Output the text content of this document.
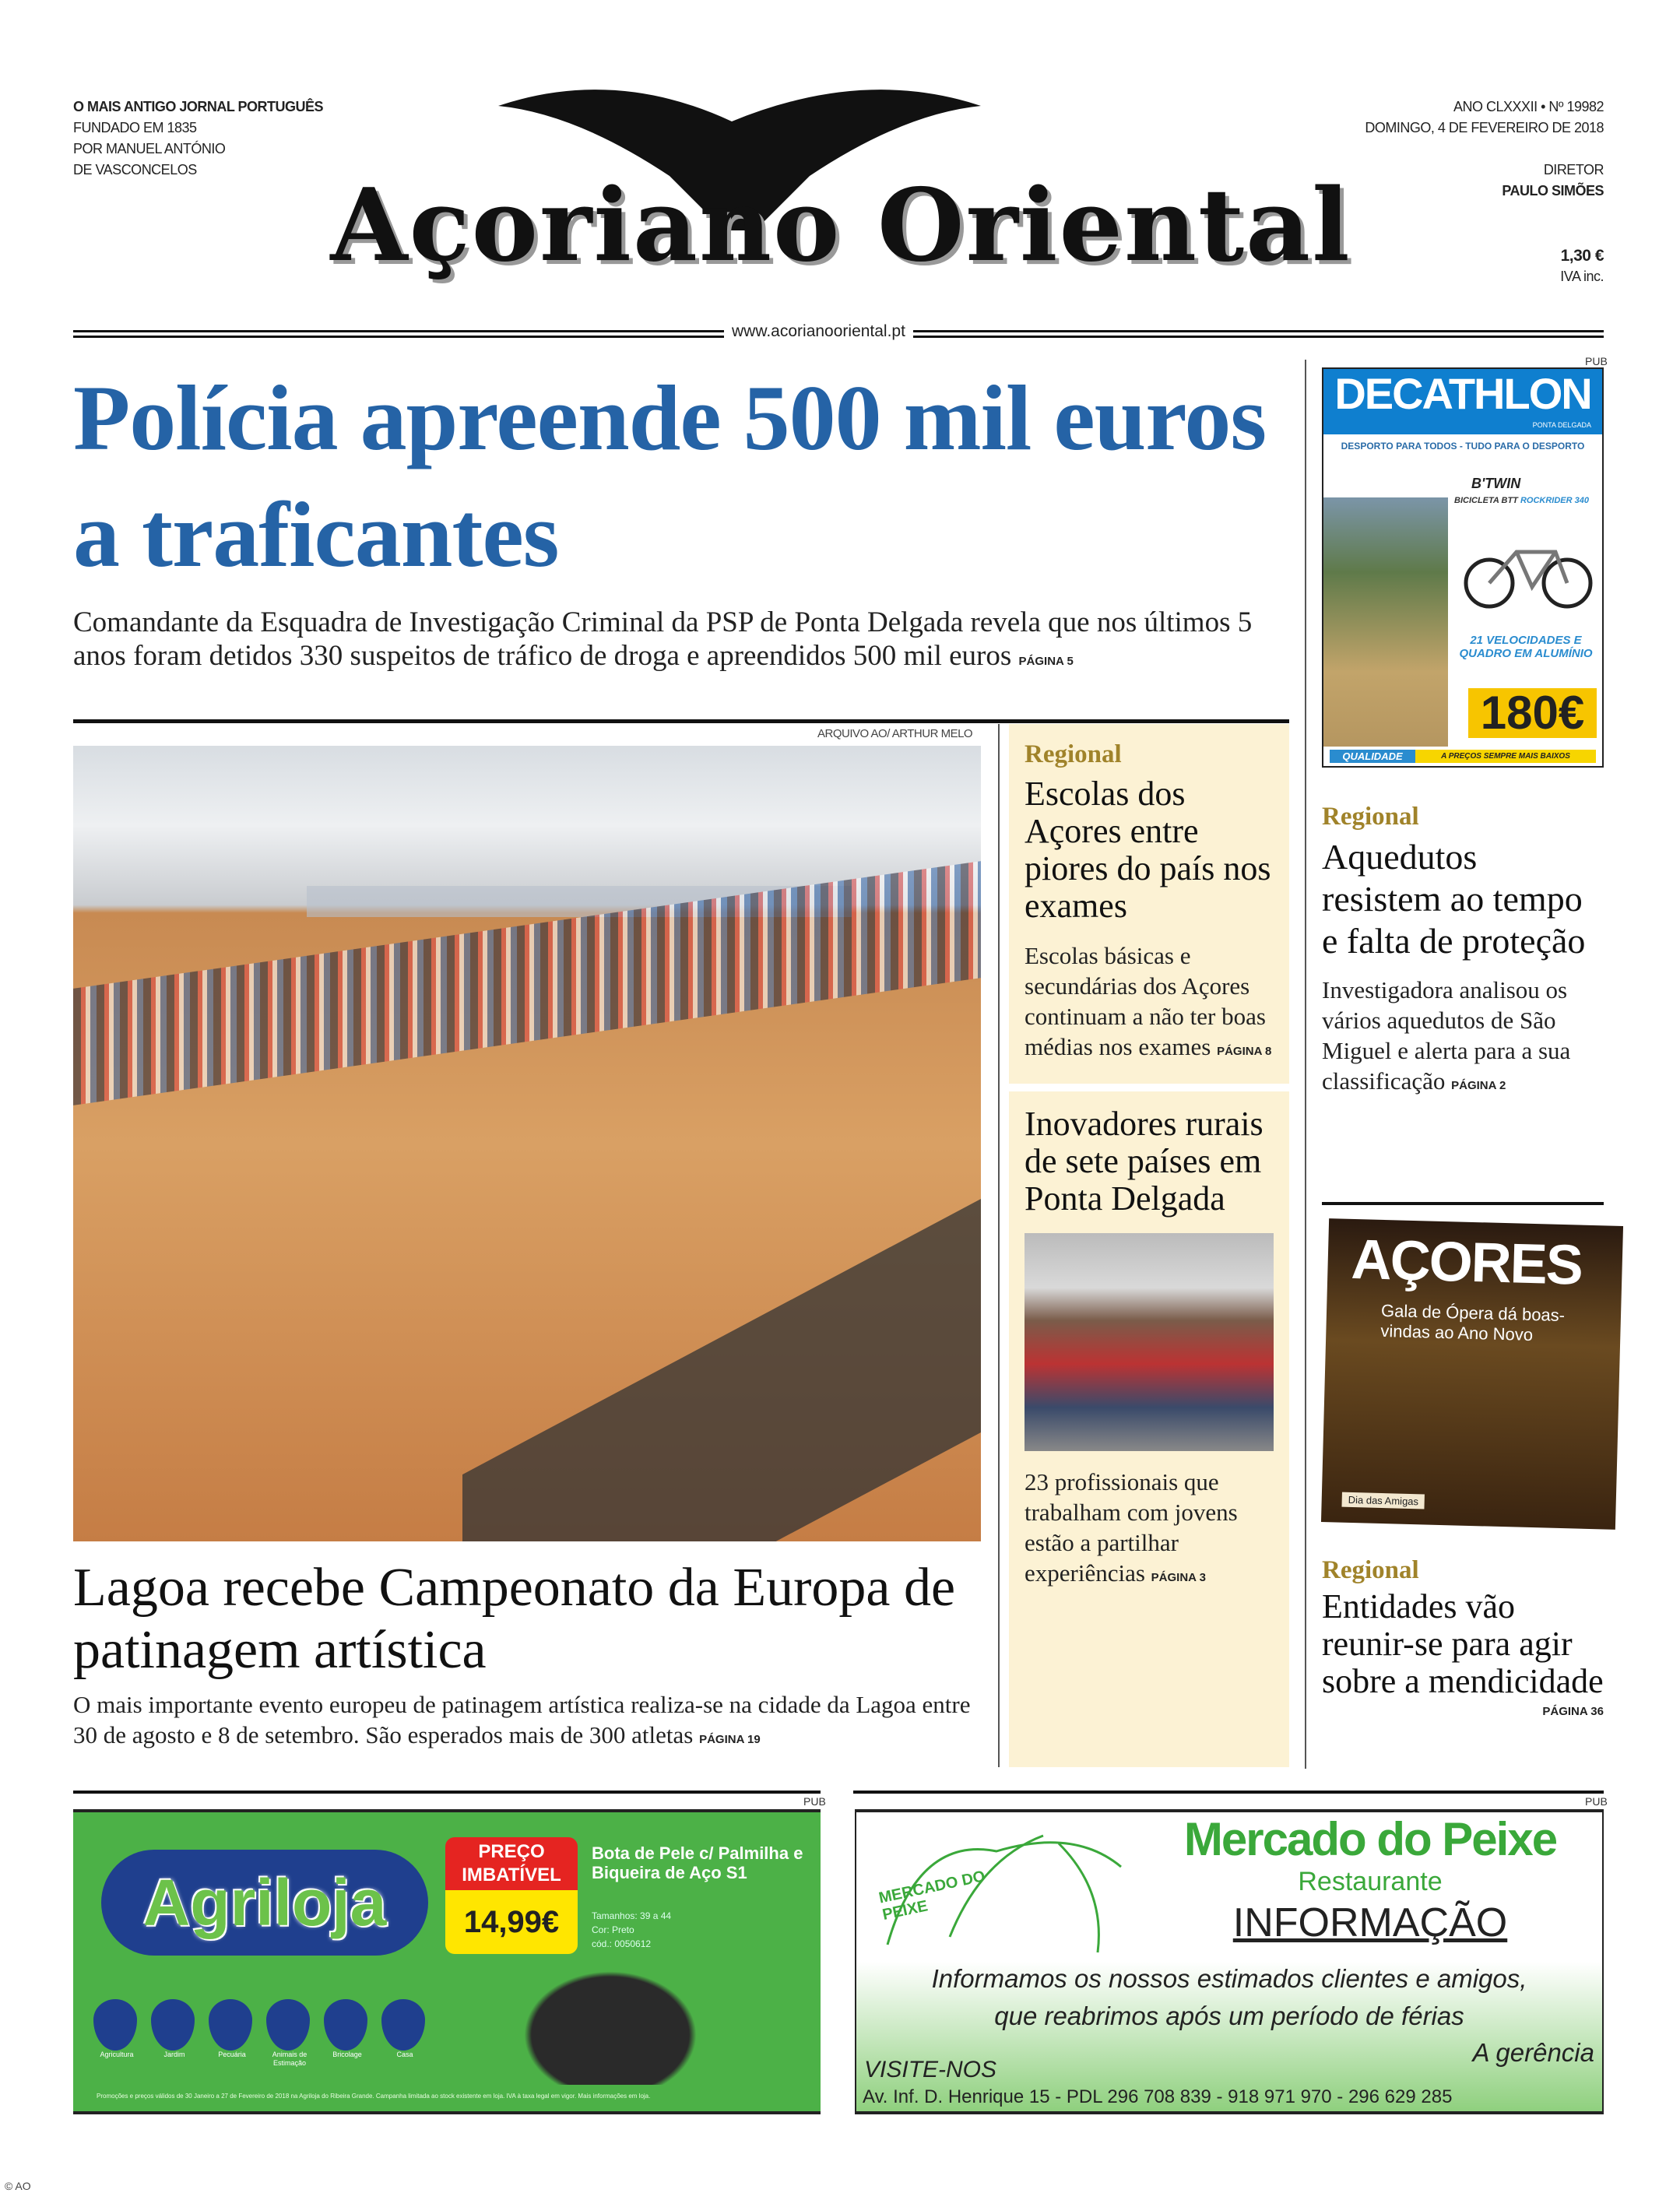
O MAIS ANTIGO JORNAL PORTUGUÊS
FUNDADO EM 1835
POR MANUEL ANTÓNIO
DE VASCONCELOS	Açoriano Oriental
ANO CLXXXII • Nº 19982
DOMINGO, 4 DE FEVEREIRO DE 2018
DIRETOR
PAULO SIMÕES
1,30 €
IVA inc.
www.acorianooriental.pt
Polícia apreende 500 mil euros a traficantes
Comandante da Esquadra de Investigação Criminal da PSP de Ponta Delgada revela que nos últimos 5 anos foram detidos 330 suspeitos de tráfico de droga e apreendidos 500 mil euros PÁGINA 5
ARQUIVO AO/ ARTHUR MELO
Lagoa recebe Campeonato da Europa de patinagem artística
O mais importante evento europeu de patinagem artística realiza-se na cidade da Lagoa entre 30 de agosto e 8 de setembro. São esperados mais de 300 atletas PÁGINA 19
Regional
Escolas dos Açores entre piores do país nos exames
Escolas básicas e secundárias dos Açores continuam a não ter boas médias nos exames PÁGINA 8
Inovadores rurais de sete países em Ponta Delgada
23 profissionais que trabalham com jovens estão a partilhar experiências PÁGINA 3
PUB
DECATHLON
PONTA DELGADA
DESPORTO PARA TODOS - TUDO PARA O DESPORTO
B'TWIN
BICICLETA BTT ROCKRIDER 340
21 VELOCIDADES E QUADRO EM ALUMÍNIO
180€
QUALIDADE	A PREÇOS SEMPRE MAIS BAIXOS
Regional
Aquedutos resistem ao tempo e falta de proteção
Investigadora analisou os vários aquedutos de São Miguel e alerta para a sua classificação PÁGINA 2
AÇORES
Gala de Ópera dá boas-vindas ao Ano Novo
Dia das Amigas
Regional
Entidades vão reunir-se para agir sobre a mendicidade
PÁGINA 36
PUB	PUB
Agriloja
PREÇO
IMBATÍVEL
14,99€
Bota de Pele c/ Palmilha e Biqueira de Aço S1
Tamanhos: 39 a 44
Cor: Preto
cód.: 0050612
Agricultura	Jardim	Pecuária	Animais de Estimação
Bricolage	Casa
Promoções e preços válidos de 30 Janeiro a 27 de Fevereiro de 2018 na Agriloja do Ribeira Grande. Campanha limitada ao stock existente em loja. IVA à taxa legal em vigor. Mais informações em loja.
MERCADO DO PEIXE
Mercado do Peixe
Restaurante
INFORMAÇÃO
Informamos os nossos estimados clientes e amigos,
que reabrimos após um período de férias
A gerência
VISITE-NOS
Av. Inf. D. Henrique 15 - PDL 296 708 839 - 918 971 970 - 296 629 285
© AO
